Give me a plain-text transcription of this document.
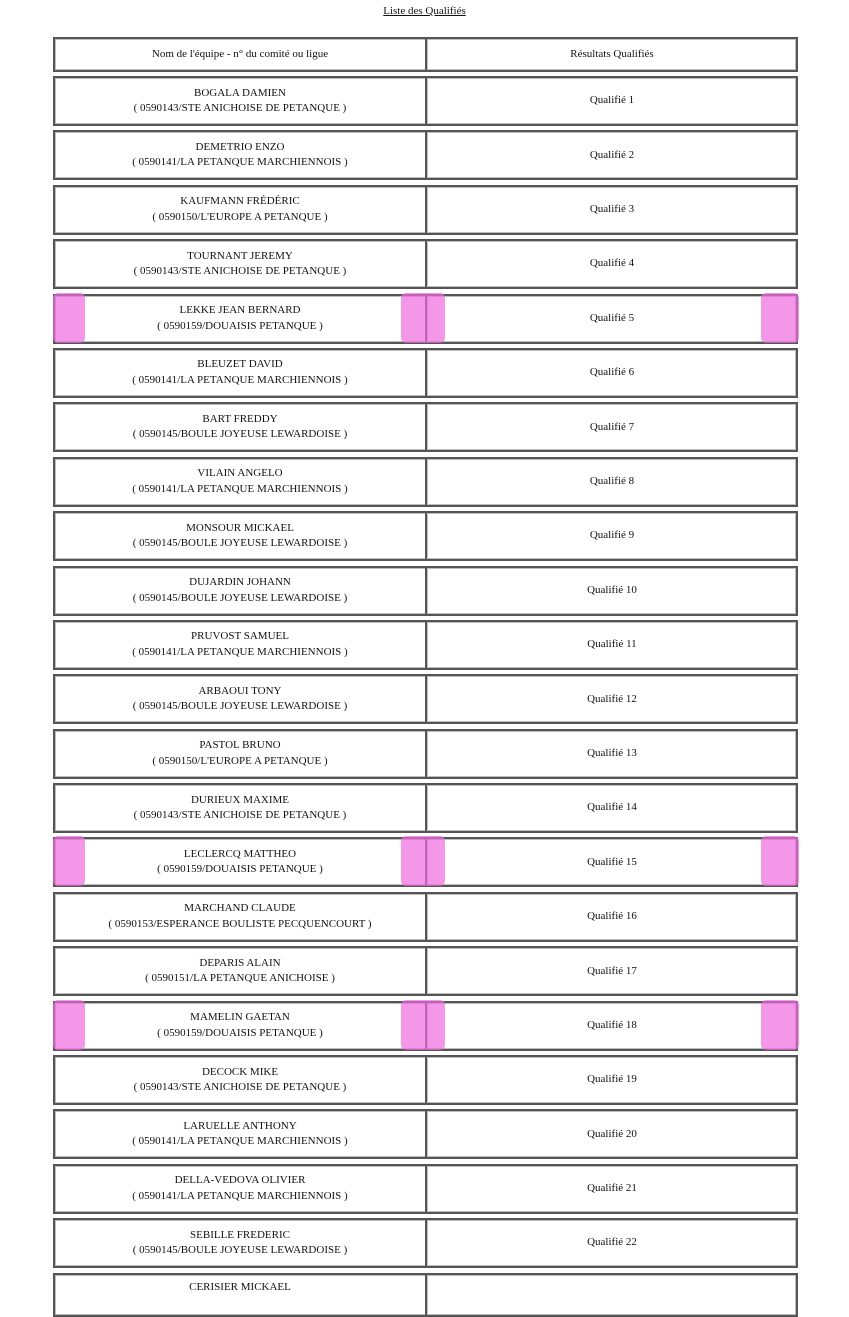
Liste des Qualifiés
Nom de l'équipe - n° du comité ou ligue	Résultats Qualifiés
BOGALA DAMIEN
( 0590143/STE ANICHOISE DE PETANQUE )
Qualifié 1
DEMETRIO ENZO
( 0590141/LA PETANQUE MARCHIENNOIS )
Qualifié 2
KAUFMANN FRÉDÉRIC
( 0590150/L'EUROPE A PETANQUE )
Qualifié 3
TOURNANT JEREMY
( 0590143/STE ANICHOISE DE PETANQUE )
Qualifié 4
LEKKE JEAN BERNARD
( 0590159/DOUAISIS PETANQUE )
Qualifié 5
BLEUZET DAVID
( 0590141/LA PETANQUE MARCHIENNOIS )
Qualifié 6
BART FREDDY
( 0590145/BOULE JOYEUSE LEWARDOISE )
Qualifié 7
VILAIN ANGELO
( 0590141/LA PETANQUE MARCHIENNOIS )
Qualifié 8
MONSOUR MICKAEL
( 0590145/BOULE JOYEUSE LEWARDOISE )
Qualifié 9
DUJARDIN JOHANN
( 0590145/BOULE JOYEUSE LEWARDOISE )
Qualifié 10
PRUVOST SAMUEL
( 0590141/LA PETANQUE MARCHIENNOIS )
Qualifié 11
ARBAOUI TONY
( 0590145/BOULE JOYEUSE LEWARDOISE )
Qualifié 12
PASTOL BRUNO
( 0590150/L'EUROPE A PETANQUE )
Qualifié 13
DURIEUX MAXIME
( 0590143/STE ANICHOISE DE PETANQUE )
Qualifié 14
LECLERCQ MATTHEO
( 0590159/DOUAISIS PETANQUE )
Qualifié 15
MARCHAND CLAUDE
( 0590153/ESPERANCE BOULISTE PECQUENCOURT )
Qualifié 16
DEPARIS ALAIN
( 0590151/LA PETANQUE ANICHOISE )
Qualifié 17
MAMELIN GAETAN
( 0590159/DOUAISIS PETANQUE )
Qualifié 18
DECOCK MIKE
( 0590143/STE ANICHOISE DE PETANQUE )
Qualifié 19
LARUELLE ANTHONY
( 0590141/LA PETANQUE MARCHIENNOIS )
Qualifié 20
DELLA-VEDOVA OLIVIER
( 0590141/LA PETANQUE MARCHIENNOIS )
Qualifié 21
SEBILLE FREDERIC
( 0590145/BOULE JOYEUSE LEWARDOISE )
Qualifié 22
CERISIER MICKAEL
